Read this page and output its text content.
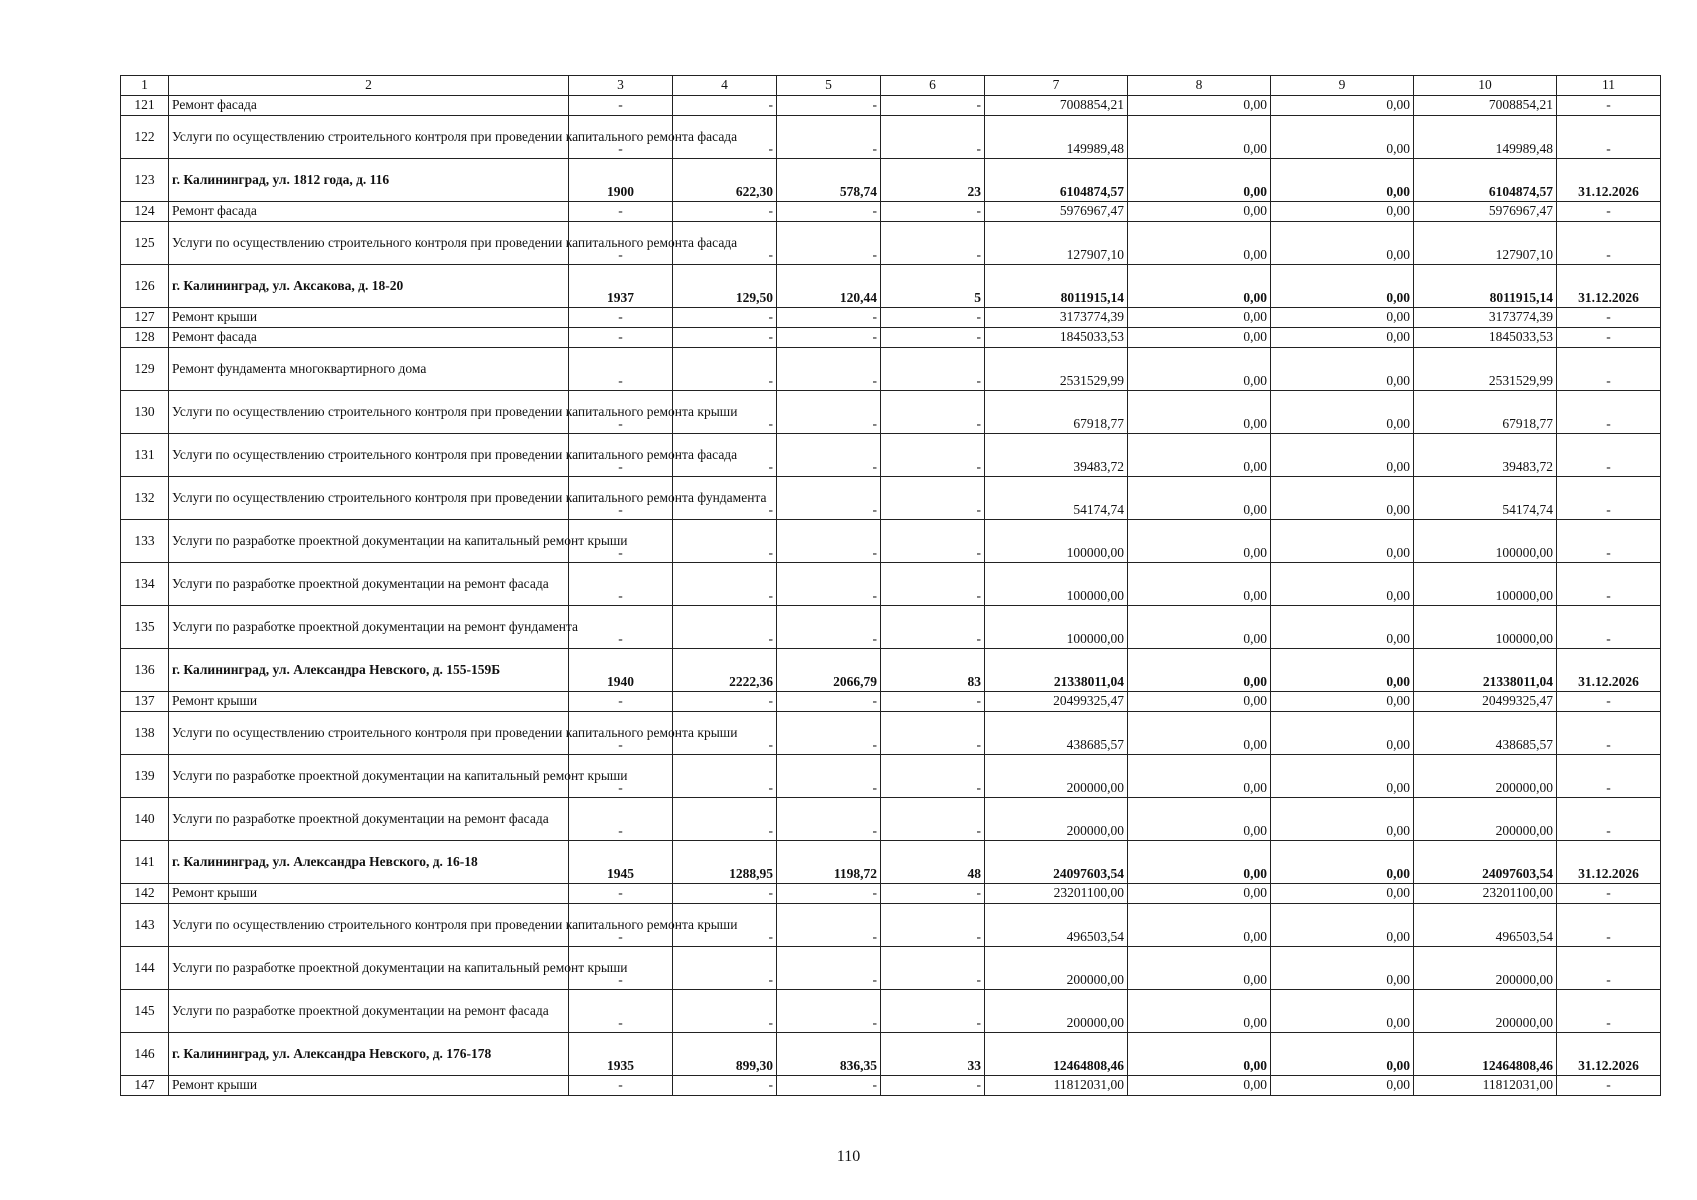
1	2	3	4	5	6	7	8	9	10	11
121	Ремонт фасада	-	-	-	-	7008854,21	0,00	0,00	7008854,21	-
122	Услуги по осуществлению строительного контроля при проведении капитального ремонта фасада	-	-	-	-	149989,48	0,00	0,00	149989,48	-
123	г. Калининград, ул. 1812 года, д. 116	1900	622,30	578,74	23	6104874,57	0,00	0,00	6104874,57	31.12.2026
124	Ремонт фасада	-	-	-	-	5976967,47	0,00	0,00	5976967,47	-
125	Услуги по осуществлению строительного контроля при проведении капитального ремонта фасада	-	-	-	-	127907,10	0,00	0,00	127907,10	-
126	г. Калининград, ул. Аксакова, д. 18-20	1937	129,50	120,44	5	8011915,14	0,00	0,00	8011915,14	31.12.2026
127	Ремонт крыши	-	-	-	-	3173774,39	0,00	0,00	3173774,39	-
128	Ремонт фасада	-	-	-	-	1845033,53	0,00	0,00	1845033,53	-
129	Ремонт фундамента многоквартирного дома	-	-	-	-	2531529,99	0,00	0,00	2531529,99	-
130	Услуги по осуществлению строительного контроля при проведении капитального ремонта крыши	-	-	-	-	67918,77	0,00	0,00	67918,77	-
131	Услуги по осуществлению строительного контроля при проведении капитального ремонта фасада	-	-	-	-	39483,72	0,00	0,00	39483,72	-
132	Услуги по осуществлению строительного контроля при проведении капитального ремонта фундамента	-	-	-	-	54174,74	0,00	0,00	54174,74	-
133	Услуги по разработке проектной документации на капитальный ремонт крыши	-	-	-	-	100000,00	0,00	0,00	100000,00	-
134	Услуги по разработке проектной документации на ремонт фасада	-	-	-	-	100000,00	0,00	0,00	100000,00	-
135	Услуги по разработке проектной документации на ремонт фундамента	-	-	-	-	100000,00	0,00	0,00	100000,00	-
136	г. Калининград, ул. Александра Невского, д. 155-159Б	1940	2222,36	2066,79	83	21338011,04	0,00	0,00	21338011,04	31.12.2026
137	Ремонт крыши	-	-	-	-	20499325,47	0,00	0,00	20499325,47	-
138	Услуги по осуществлению строительного контроля при проведении капитального ремонта крыши	-	-	-	-	438685,57	0,00	0,00	438685,57	-
139	Услуги по разработке проектной документации на капитальный ремонт крыши	-	-	-	-	200000,00	0,00	0,00	200000,00	-
140	Услуги по разработке проектной документации на ремонт фасада	-	-	-	-	200000,00	0,00	0,00	200000,00	-
141	г. Калининград, ул. Александра Невского, д. 16-18	1945	1288,95	1198,72	48	24097603,54	0,00	0,00	24097603,54	31.12.2026
142	Ремонт крыши	-	-	-	-	23201100,00	0,00	0,00	23201100,00	-
143	Услуги по осуществлению строительного контроля при проведении капитального ремонта крыши	-	-	-	-	496503,54	0,00	0,00	496503,54	-
144	Услуги по разработке проектной документации на капитальный ремонт крыши	-	-	-	-	200000,00	0,00	0,00	200000,00	-
145	Услуги по разработке проектной документации на ремонт фасада	-	-	-	-	200000,00	0,00	0,00	200000,00	-
146	г. Калининград, ул. Александра Невского, д. 176-178	1935	899,30	836,35	33	12464808,46	0,00	0,00	12464808,46	31.12.2026
147	Ремонт крыши	-	-	-	-	11812031,00	0,00	0,00	11812031,00	-
110
